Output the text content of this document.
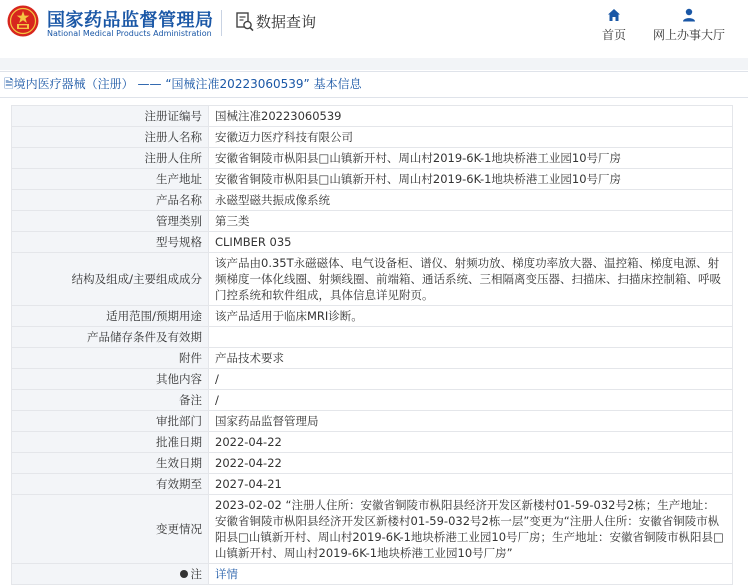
国家药品监督管理局
National Medical Products Administration
数据查询
首页	网上办事大厅
🗎境内医疗器械（注册） —— “国械注准20223060539” 基本信息
注册证编号	国械注准20223060539
注册人名称	安徽迈力医疗科技有限公司
注册人住所	安徽省铜陵市枞阳县□山镇新开村、周山村2019-6K-1地块桥港工业园10号厂房
生产地址	安徽省铜陵市枞阳县□山镇新开村、周山村2019-6K-1地块桥港工业园10号厂房
产品名称	永磁型磁共振成像系统
管理类别	第三类
型号规格	CLIMBER 035
结构及组成/主要组成成分	该产品由0.35T永磁磁体、电气设备柜、谱仪、射频功放、梯度功率放大器、温控箱、梯度电源、射频梯度一体化线圈、射频线圈、前端箱、通话系统、三相隔离变压器、扫描床、扫描床控制箱、呼吸门控系统和软件组成，具体信息详见附页。
适用范围/预期用途	该产品适用于临床MRI诊断。
产品储存条件及有效期	
附件	产品技术要求
其他内容	/
备注	/
审批部门	国家药品监督管理局
批准日期	2022-04-22
生效日期	2022-04-22
有效期至	2027-04-21
变更情况	2023-02-02 “注册人住所：安徽省铜陵市枞阳县经济开发区新楼村01-59-032号2栋；生产地址：安徽省铜陵市枞阳县经济开发区新楼村01-59-032号2栋一层”变更为“注册人住所：安徽省铜陵市枞阳县□山镇新开村、周山村2019-6K-1地块桥港工业园10号厂房；生产地址：安徽省铜陵市枞阳县□山镇新开村、周山村2019-6K-1地块桥港工业园10号厂房”
注	详情
